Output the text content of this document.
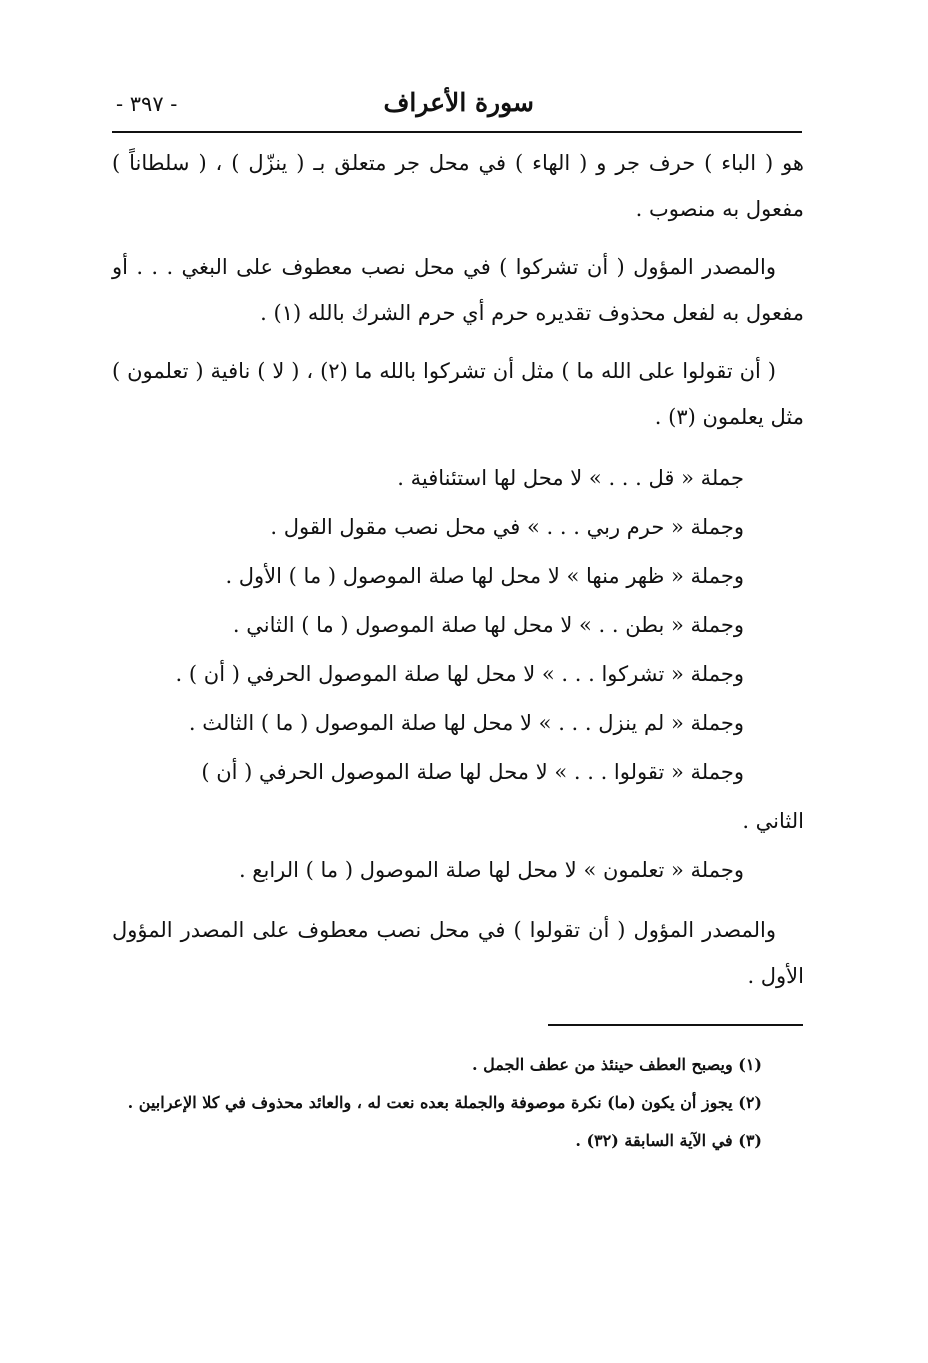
سورة الأعراف
- ٣٩٧ -

هو ( الباء ) حرف جر و ( الهاء ) في محل جر متعلق بـ ( ينزّل ) ، ( سلطاناً ) مفعول به منصوب .

والمصدر المؤول ( أن تشركوا ) في محل نصب معطوف على البغي . . . أو مفعول به لفعل محذوف تقديره حرم أي حرم الشرك بالله (١) .

( أن تقولوا على الله ما ) مثل أن تشركوا بالله ما (٢) ، ( لا ) نافية ( تعلمون ) مثل يعلمون (٣) .

جملة « قل . . . » لا محل لها استئنافية .

وجملة « حرم ربي . . . » في محل نصب مقول القول .

وجملة « ظهر منها » لا محل لها صلة الموصول ( ما ) الأول .

وجملة « بطن . . » لا محل لها صلة الموصول ( ما ) الثاني .

وجملة « تشركوا . . . » لا محل لها صلة الموصول الحرفي ( أن ) .

وجملة « لم ينزل . . . » لا محل لها صلة الموصول ( ما ) الثالث .

وجملة « تقولوا . . . » لا محل لها صلة الموصول الحرفي ( أن )

الثاني .

وجملة « تعلمون » لا محل لها صلة الموصول ( ما ) الرابع .

والمصدر المؤول ( أن تقولوا ) في محل نصب معطوف على المصدر المؤول الأول .

(١) ويصبح العطف حينئذ من عطف الجمل .

(٢) يجوز أن يكون (ما) نكرة موصوفة والجملة بعده نعت له ، والعائد محذوف في كلا الإعرابين .

(٣) في الآية السابقة (٣٢) .
